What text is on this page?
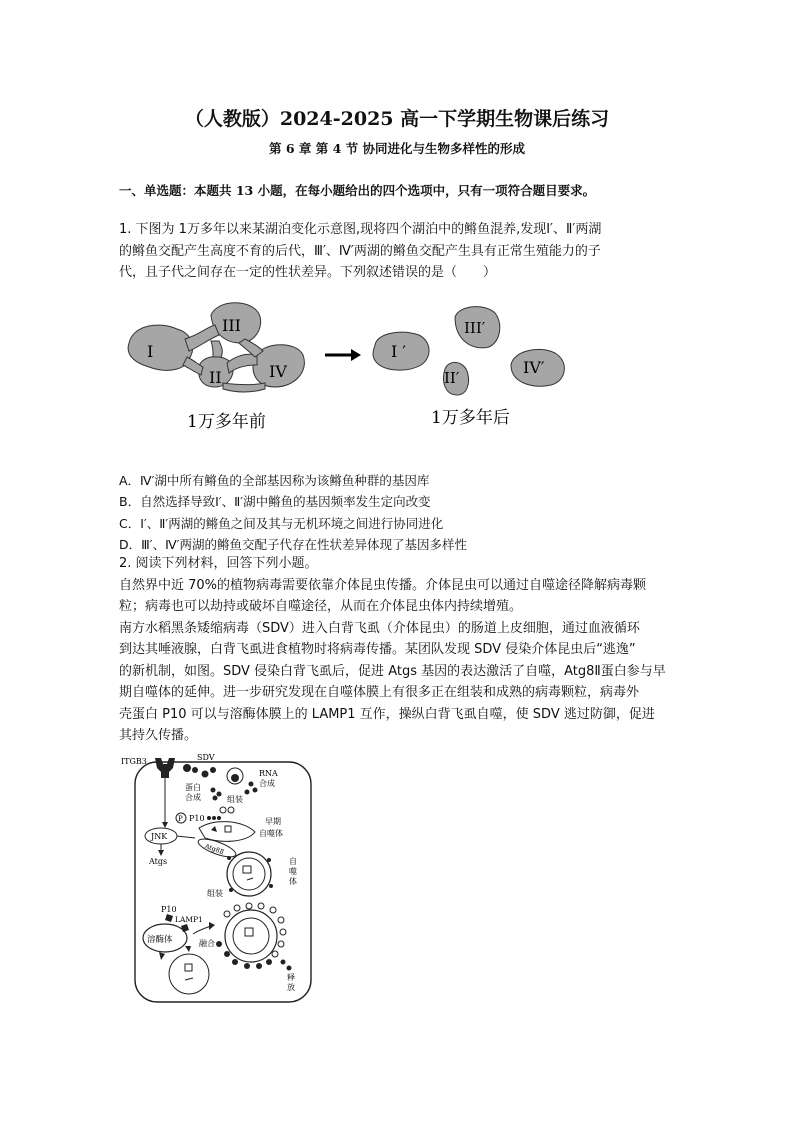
（人教版）2024-2025 高一下学期生物课后练习
第 6 章 第 4 节 协同进化与生物多样性的形成
一、单选题：本题共 13 小题，在每小题给出的四个选项中，只有一项符合题目要求。
1. 下图为 1万多年以来某湖泊变化示意图,现将四个湖泊中的鳉鱼混养,发现Ⅰ′、Ⅱ′两湖
的鳉鱼交配产生高度不育的后代，Ⅲ′、Ⅳ′两湖的鳉鱼交配产生具有正常生殖能力的子
代，且子代之间存在一定的性状差异。下列叙述错误的是（　　）
I
II
III
IV
I ′
II′
III′
IV′
1万多年前	1万多年后
A．Ⅳ′湖中所有鳉鱼的全部基因称为该鳉鱼种群的基因库
B．自然选择导致Ⅰ′、Ⅱ′湖中鳉鱼的基因频率发生定向改变
C．Ⅰ′、Ⅱ′两湖的鳉鱼之间及其与无机环境之间进行协同进化
D．Ⅲ′、Ⅳ′两湖的鳉鱼交配子代存在性状差异体现了基因多样性
2. 阅读下列材料，回答下列小题。
自然界中近 70%的植物病毒需要依靠介体昆虫传播。介体昆虫可以通过自噬途径降解病毒颗
粒；病毒也可以劫持或破坏自噬途径，从而在介体昆虫体内持续增殖。
南方水稻黑条矮缩病毒（SDV）进入白背飞虱（介体昆虫）的肠道上皮细胞，通过血液循环
到达其唾液腺，白背飞虱进食植物时将病毒传播。某团队发现 SDV 侵染介体昆虫后“逃逸”
的新机制，如图。SDV 侵染白背飞虱后，促进 Atgs 基因的表达激活了自噬，Atg8Ⅱ蛋白参与早
期自噬体的延伸。进一步研究发现在自噬体膜上有很多正在组装和成熟的病毒颗粒，病毒外
壳蛋白 P10 可以与溶酶体膜上的 LAMP1 互作，操纵白背飞虱自噬，使 SDV 逃过防御，促进
其持久传播。
ITGB3	SDV
RNA
合成
蛋白
合成	组装
P P10
JNK
Atgs
早期
自噬体
Atg8Ⅱ
自
噬
体
组装
P10
LAMP1
溶酶体	融合
释
放
